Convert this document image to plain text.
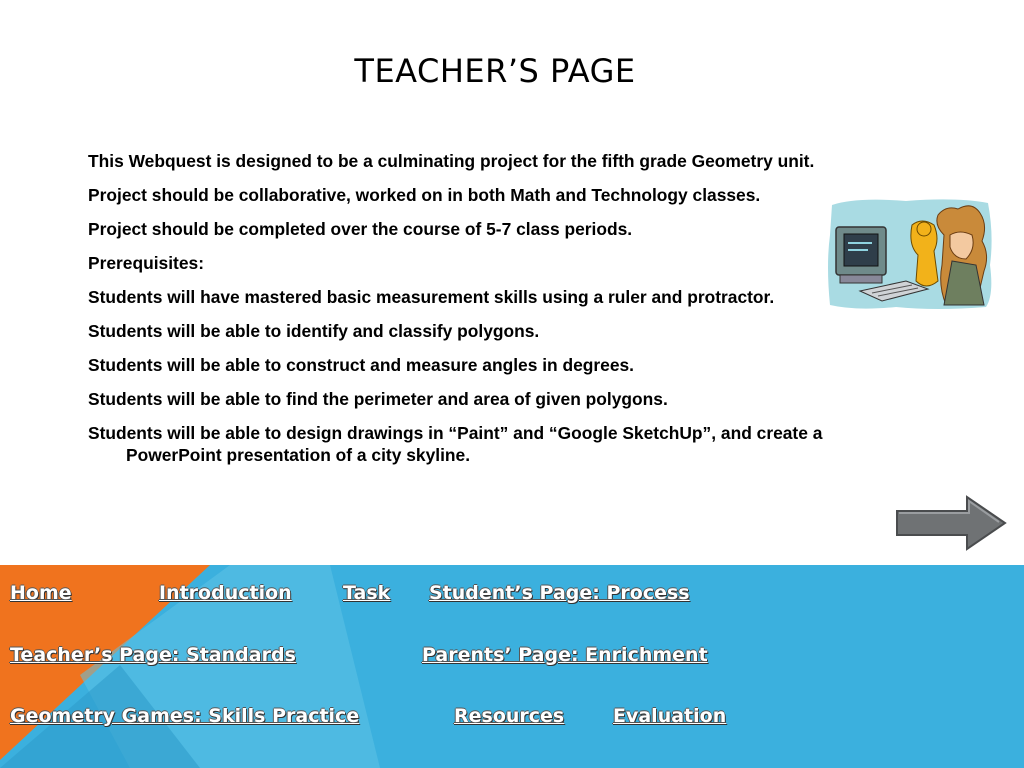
TEACHER’S PAGE
This Webquest is designed to be a culminating project for the fifth grade Geometry unit.
Project should be collaborative, worked on in both Math and Technology classes.
Project should be completed over the course of 5-7 class periods.
Prerequisites:
Students will have mastered basic measurement skills using a ruler and protractor.
Students will be able to identify and classify polygons.
Students will be able to construct and measure angles in degrees.
Students will be able to find the perimeter and area of given polygons.
Students will be able to design drawings in “Paint” and “Google SketchUp”, and create a PowerPoint presentation of a city skyline.
Home	Introduction	Task Student’s Page: Process
Teacher’s Page: Standards	Parents’ Page: Enrichment
Geometry Games: Skills Practice	Resources	Evaluation
